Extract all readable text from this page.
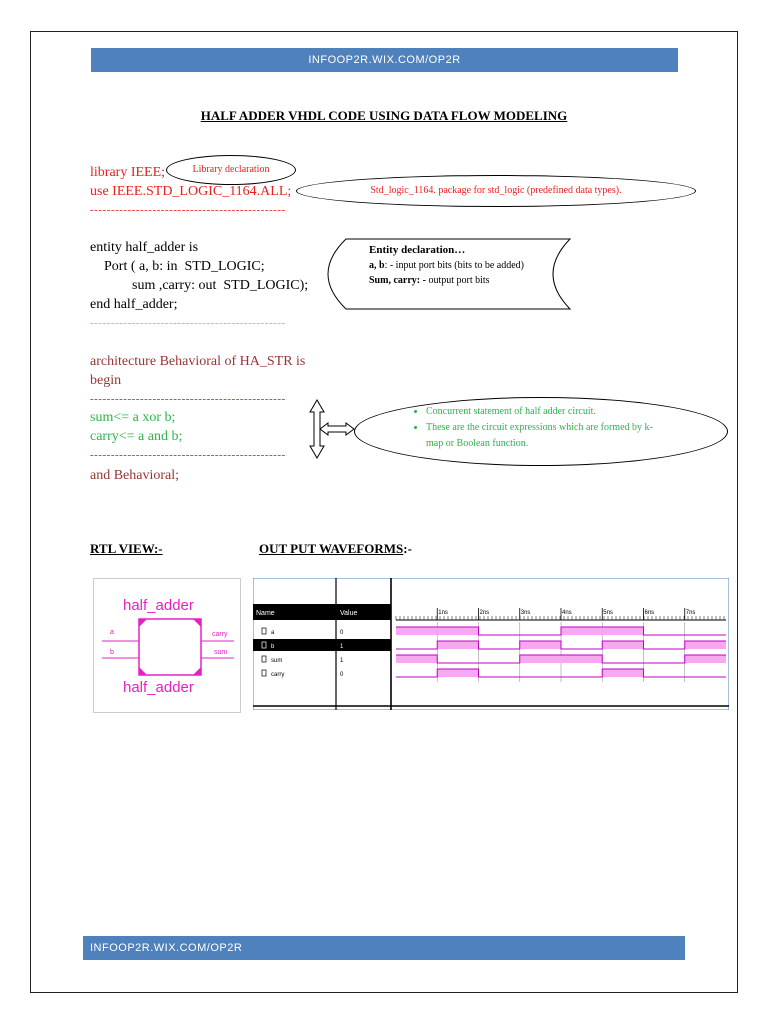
INFOOP2R.WIX.COM/OP2R
HALF ADDER VHDL CODE USING DATA FLOW MODELING
library IEEE;
use IEEE.STD_LOGIC_1164.ALL;
-----------------------------------------------
Library declaration
Std_logic_1164. package for std_logic (predefined data types).
entity half_adder is
Port ( a, b: in  STD_LOGIC;
sum ,carry: out  STD_LOGIC);
end half_adder;
-----------------------------------------------
Entity declaration…
a, b: - input port bits (bits to be added)
Sum, carry: - output port bits
architecture Behavioral of HA_STR is
begin
-----------------------------------------------
sum<= a xor b;
carry<= a and b;
-----------------------------------------------
and Behavioral;
• Concurrent statement of half adder circuit.
• These are the circuit expressions which are formed by k-map or Boolean function.
RTL VIEW:-	OUT PUT WAVEFORMS:-
half_adder
half_adder
a
b
carry
sum
Name	Value	1ns	2ns	3ns	4ns	5ns	6ns	7ns
a	0
b	1
sum	1
carry	0
INFOOP2R.WIX.COM/OP2R
